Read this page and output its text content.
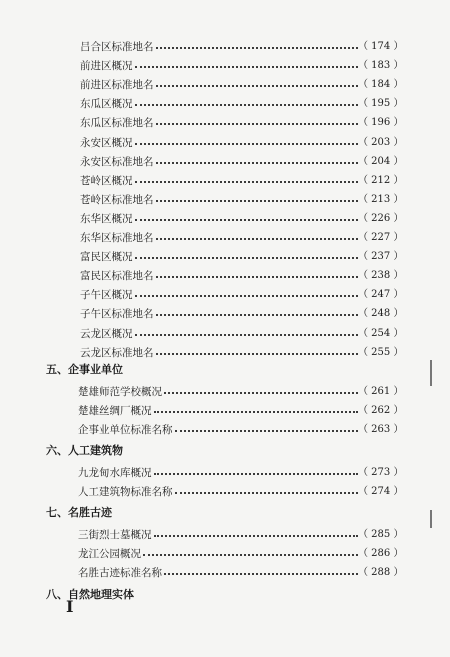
吕合区标准地名	（ 174 ）
前进区概况	（ 183 ）
前进区标准地名	（ 184 ）
东瓜区概况	（ 195 ）
东瓜区标准地名	（ 196 ）
永安区概况	（ 203 ）
永安区标准地名	（ 204 ）
苍岭区概况	（ 212 ）
苍岭区标准地名	（ 213 ）
东华区概况	（ 226 ）
东华区标准地名	（ 227 ）
富民区概况	（ 237 ）
富民区标准地名	（ 238 ）
子午区概况	（ 247 ）
子午区标准地名	（ 248 ）
云龙区概况	（ 254 ）
云龙区标准地名	（ 255 ）
五、企事业单位
楚雄师范学校概况	（ 261 ）
楚雄丝绸厂概况	（ 262 ）
企事业单位标准名称	（ 263 ）
六、人工建筑物
九龙甸水库概况	（ 273 ）
人工建筑物标准名称	（ 274 ）
七、名胜古迹
三街烈士墓概况	（ 285 ）
龙江公园概况	（ 286 ）
名胜古迹标准名称	（ 288 ）
八、自然地理实体
I
